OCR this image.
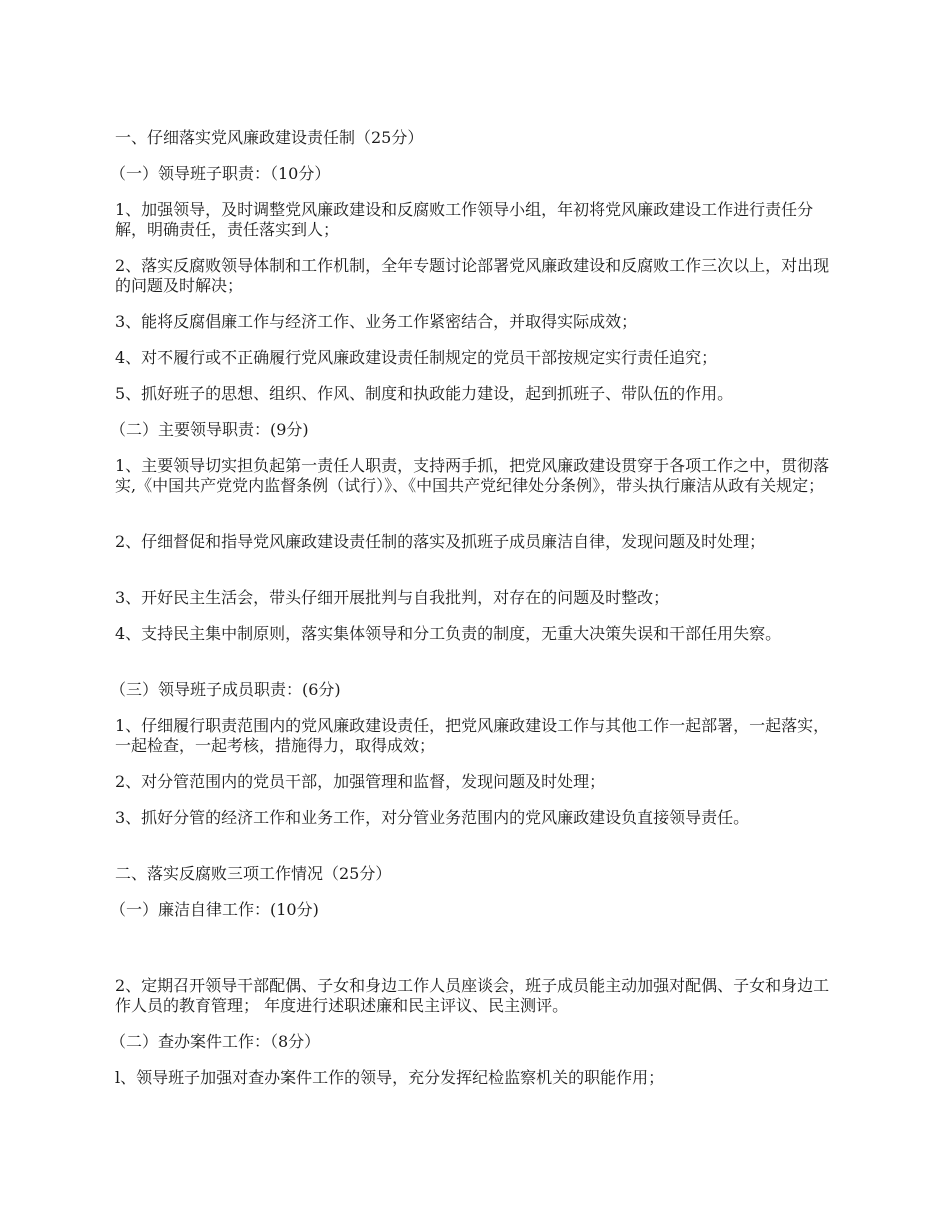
一、仔细落实党风廉政建设责任制（25分）

（一）领导班子职责：（10分）

1、加强领导，及时调整党风廉政建设和反腐败工作领导小组，年初将党风廉政建设工作进行责任分解，明确责任，责任落实到人；

2、落实反腐败领导体制和工作机制，全年专题讨论部署党风廉政建设和反腐败工作三次以上，对出现的问题及时解决；

3、能将反腐倡廉工作与经济工作、业务工作紧密结合，并取得实际成效；

4、对不履行或不正确履行党风廉政建设责任制规定的党员干部按规定实行责任追究；

5、抓好班子的思想、组织、作风、制度和执政能力建设，起到抓班子、带队伍的作用。

（二）主要领导职责：(9分)

1、主要领导切实担负起第一责任人职责，支持两手抓，把党风廉政建设贯穿于各项工作之中，贯彻落实,《中国共产党党内监督条例（试行）》、《中国共产党纪律处分条例》，带头执行廉洁从政有关规定；

2、仔细督促和指导党风廉政建设责任制的落实及抓班子成员廉洁自律，发现问题及时处理；

3、开好民主生活会，带头仔细开展批判与自我批判，对存在的问题及时整改；

4、支持民主集中制原则，落实集体领导和分工负责的制度，无重大决策失误和干部任用失察。

（三）领导班子成员职责：(6分)

1、仔细履行职责范围内的党风廉政建设责任，把党风廉政建设工作与其他工作一起部署，一起落实，一起检查，一起考核，措施得力，取得成效；

2、对分管范围内的党员干部，加强管理和监督，发现问题及时处理；

3、抓好分管的经济工作和业务工作，对分管业务范围内的党风廉政建设负直接领导责任。

二、落实反腐败三项工作情况（25分）

（一）廉洁自律工作：(10分)

2、定期召开领导干部配偶、子女和身边工作人员座谈会，班子成员能主动加强对配偶、子女和身边工作人员的教育管理； 年度进行述职述廉和民主评议、民主测评。

（二）查办案件工作：（8分）

l、领导班子加强对查办案件工作的领导，充分发挥纪检监察机关的职能作用；
